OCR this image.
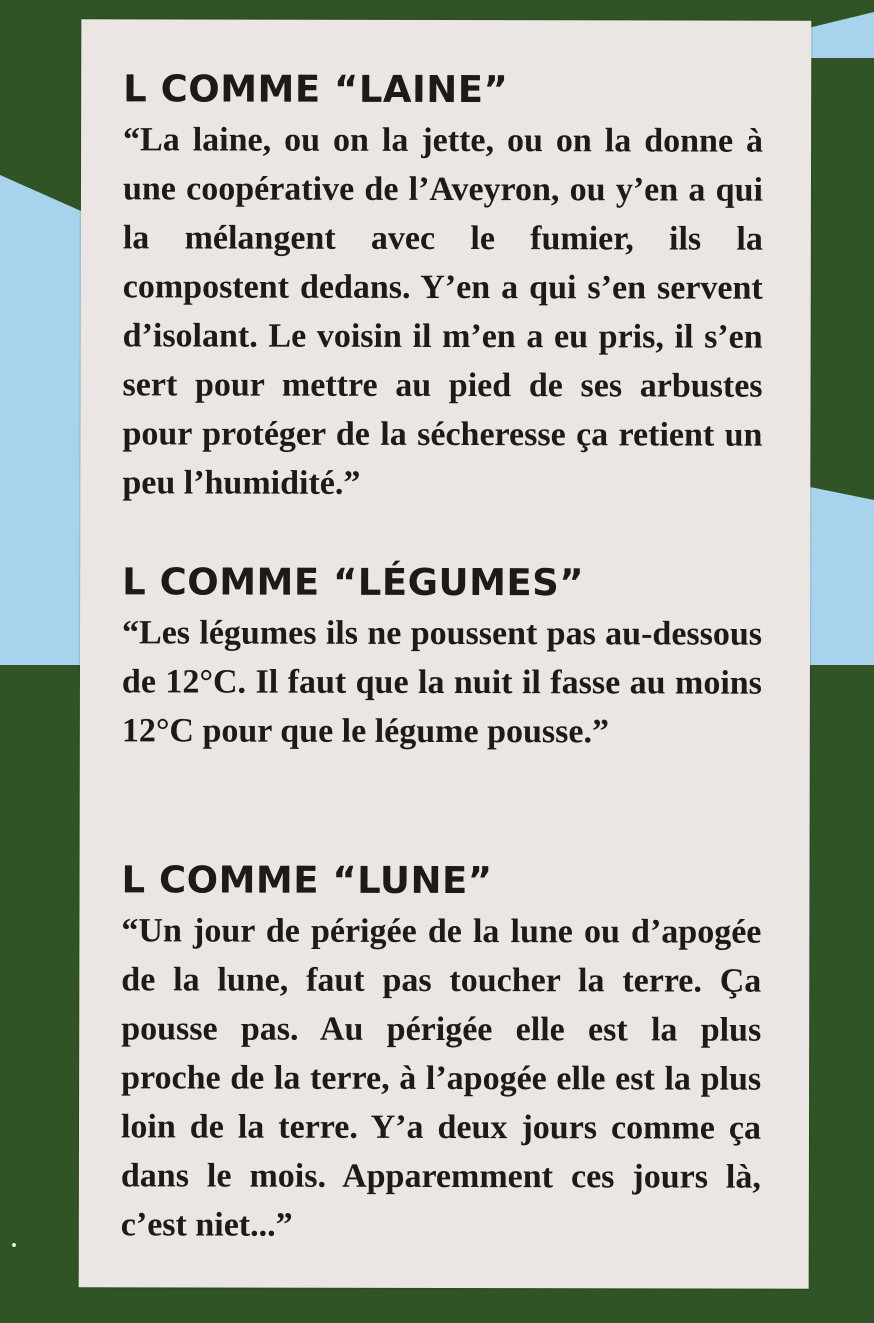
L COMME “LAINE”

“La laine, ou on la jette, ou on la donne à une coopérative de l’Aveyron, ou y’en a qui la mélangent avec le fumier, ils la compostent dedans. Y’en a qui s’en servent d’isolant. Le voisin il m’en a eu pris, il s’en sert pour mettre au pied de ses arbustes pour protéger de la sécheresse ça retient un peu l’humidité.”

L COMME “LÉGUMES”

“Les légumes ils ne poussent pas au-dessous de 12°C. Il faut que la nuit il fasse au moins 12°C pour que le légume pousse.”

L COMME “LUNE”

“Un jour de périgée de la lune ou d’apogée de la lune, faut pas toucher la terre. Ça pousse pas. Au périgée elle est la plus proche de la terre, à l’apogée elle est la plus loin de la terre. Y’a deux jours comme ça dans le mois. Apparemment ces jours là, c’est niet...”
